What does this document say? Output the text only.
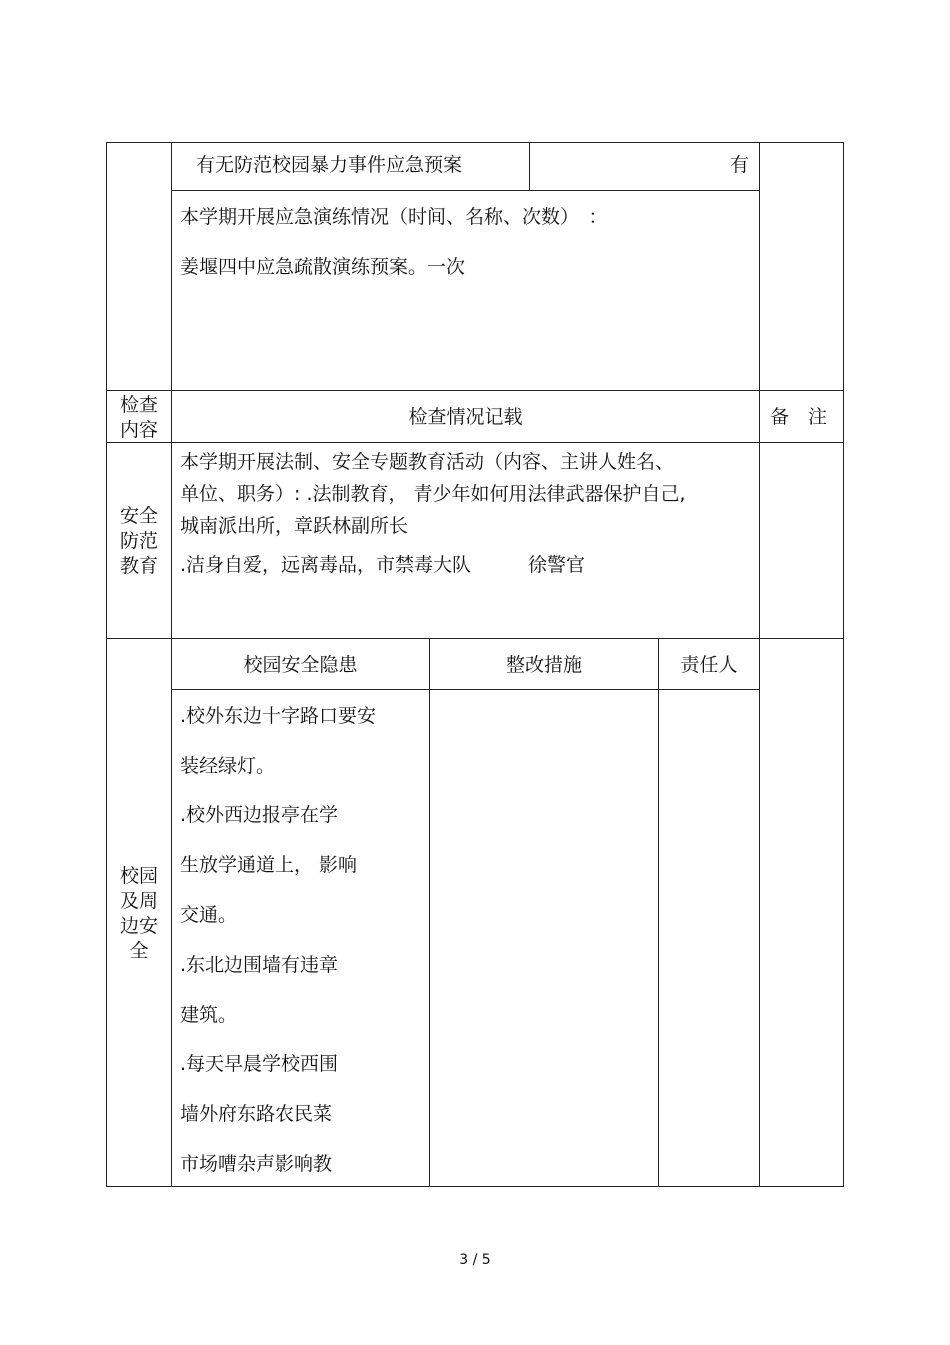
有无防范校园暴力事件应急预案	有
本学期开展应急演练情况（时间、名称、次数）　：
姜堰四中应急疏散演练预案。一次
检查
内容
检查情况记载	备　注
安全
防范
教育
本学期开展法制、安全专题教育活动（内容、主讲人姓名、
单位、职务）: .法制教育， 青少年如何用法律武器保护自己,
城南派出所，章跃林副所长
.洁身自爱，远离毒品，市禁毒大队　　　徐警官
校园
及周
边安
全
校园安全隐患	整改措施	责任人
.校外东边十字路口要安
装经绿灯。
.校外西边报亭在学
生放学通道上， 影响
交通。
.东北边围墙有违章
建筑。
.每天早晨学校西围
墙外府东路农民菜
市场嘈杂声影响教
3 / 5
